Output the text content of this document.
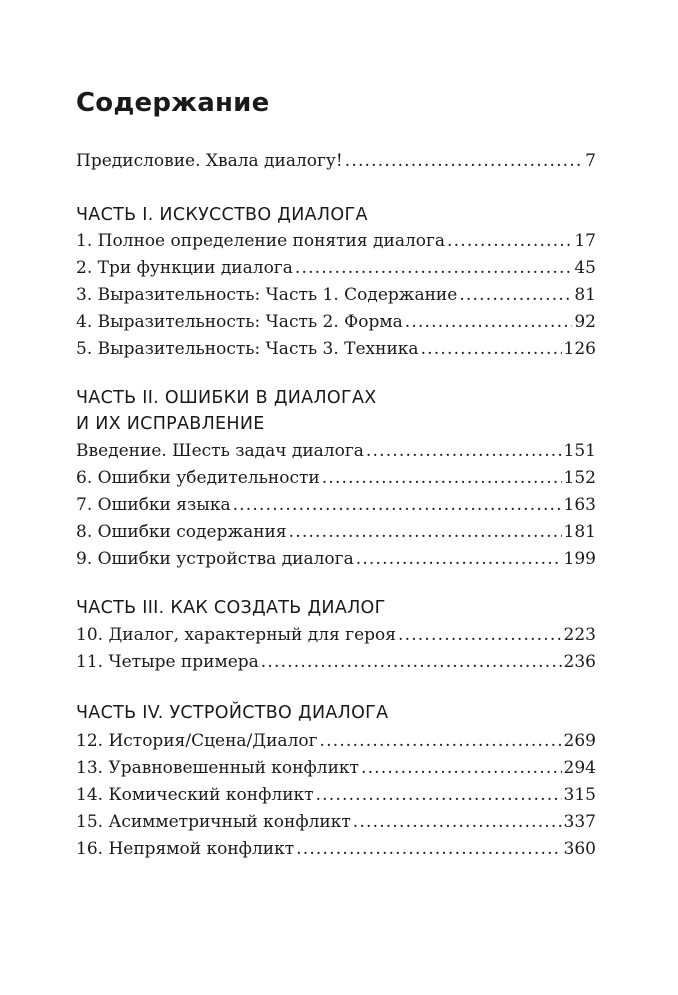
Содержание
Предисловие. Хвала диалогу! .....	7
ЧАСТЬ I. ИСКУССТВО ДИАЛОГА
1. Полное определение понятия диалога .....	17
2. Три функции диалога .....	45
3. Выразительность: Часть 1. Содержание .....	81
4. Выразительность: Часть 2. Форма .....	92
5. Выразительность: Часть 3. Техника .....	126
ЧАСТЬ II. ОШИБКИ В ДИАЛОГАХ
И ИХ ИСПРАВЛЕНИЕ
Введение. Шесть задач диалога .....	151
6. Ошибки убедительности .....	152
7. Ошибки языка .....	163
8. Ошибки содержания .....	181
9. Ошибки устройства диалога .....	199
ЧАСТЬ III. КАК СОЗДАТЬ ДИАЛОГ
10. Диалог, характерный для героя .....	223
11. Четыре примера .....	236
ЧАСТЬ IV. УСТРОЙСТВО ДИАЛОГА
12. История/Сцена/Диалог .....	269
13. Уравновешенный конфликт .....	294
14. Комический конфликт .....	315
15. Асимметричный конфликт .....	337
16. Непрямой конфликт .....	360
